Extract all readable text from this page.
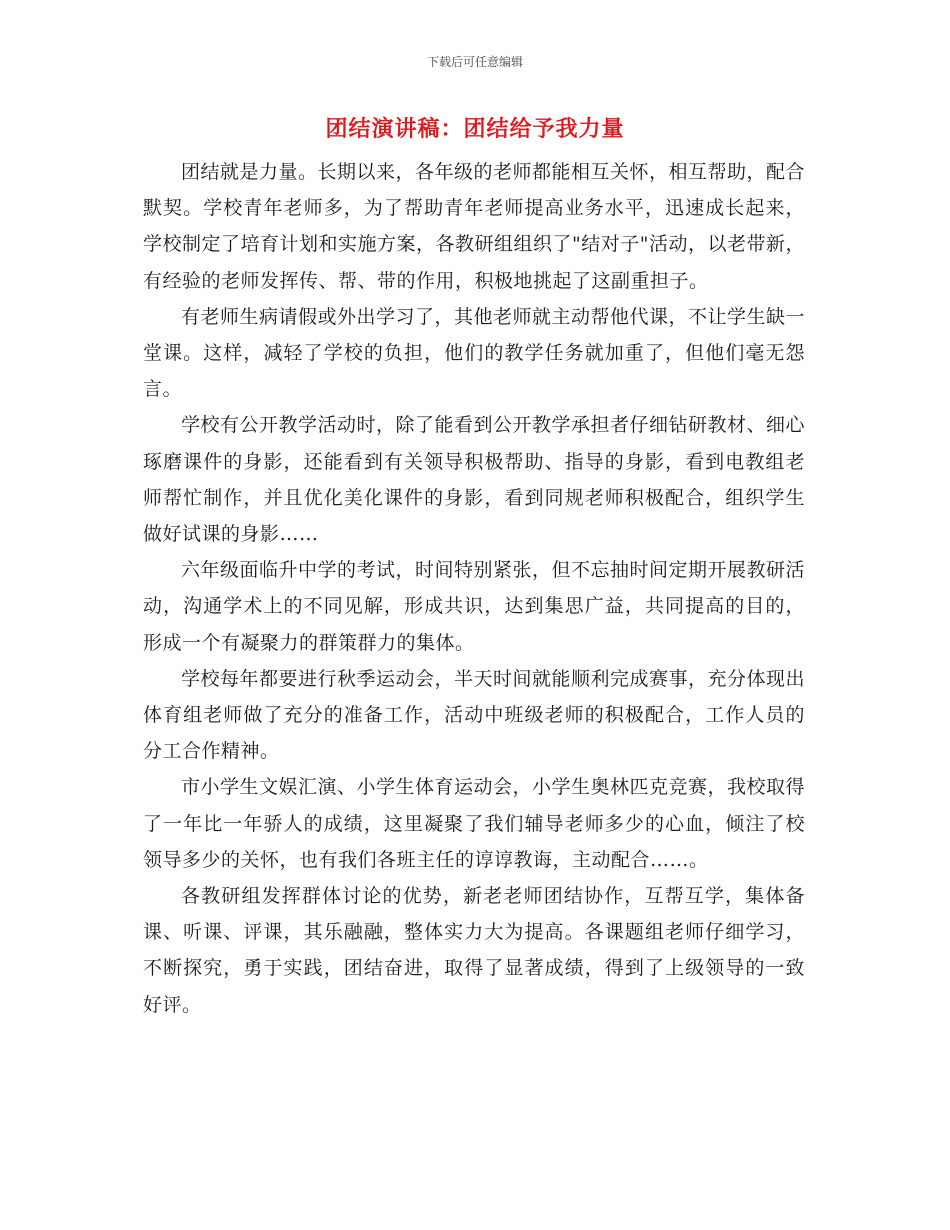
下载后可任意编辑
团结演讲稿：团结给予我力量

团结就是力量。长期以来，各年级的老师都能相互关怀，相互帮助，配合默契。学校青年老师多，为了帮助青年老师提高业务水平，迅速成长起来，学校制定了培育计划和实施方案，各教研组组织了"结对子"活动，以老带新，有经验的老师发挥传、帮、带的作用，积极地挑起了这副重担子。

有老师生病请假或外出学习了，其他老师就主动帮他代课，不让学生缺一堂课。这样，减轻了学校的负担，他们的教学任务就加重了，但他们毫无怨言。

学校有公开教学活动时，除了能看到公开教学承担者仔细钻研教材、细心琢磨课件的身影，还能看到有关领导积极帮助、指导的身影，看到电教组老师帮忙制作，并且优化美化课件的身影，看到同规老师积极配合，组织学生做好试课的身影……

六年级面临升中学的考试，时间特别紧张，但不忘抽时间定期开展教研活动，沟通学术上的不同见解，形成共识，达到集思广益，共同提高的目的，形成一个有凝聚力的群策群力的集体。

学校每年都要进行秋季运动会，半天时间就能顺利完成赛事，充分体现出体育组老师做了充分的准备工作，活动中班级老师的积极配合，工作人员的分工合作精神。

市小学生文娱汇演、小学生体育运动会，小学生奥林匹克竞赛，我校取得了一年比一年骄人的成绩，这里凝聚了我们辅导老师多少的心血，倾注了校领导多少的关怀，也有我们各班主任的谆谆教诲，主动配合……。

各教研组发挥群体讨论的优势，新老老师团结协作，互帮互学，集体备课、听课、评课，其乐融融，整体实力大为提高。各课题组老师仔细学习，不断探究，勇于实践，团结奋进，取得了显著成绩，得到了上级领导的一致好评。
